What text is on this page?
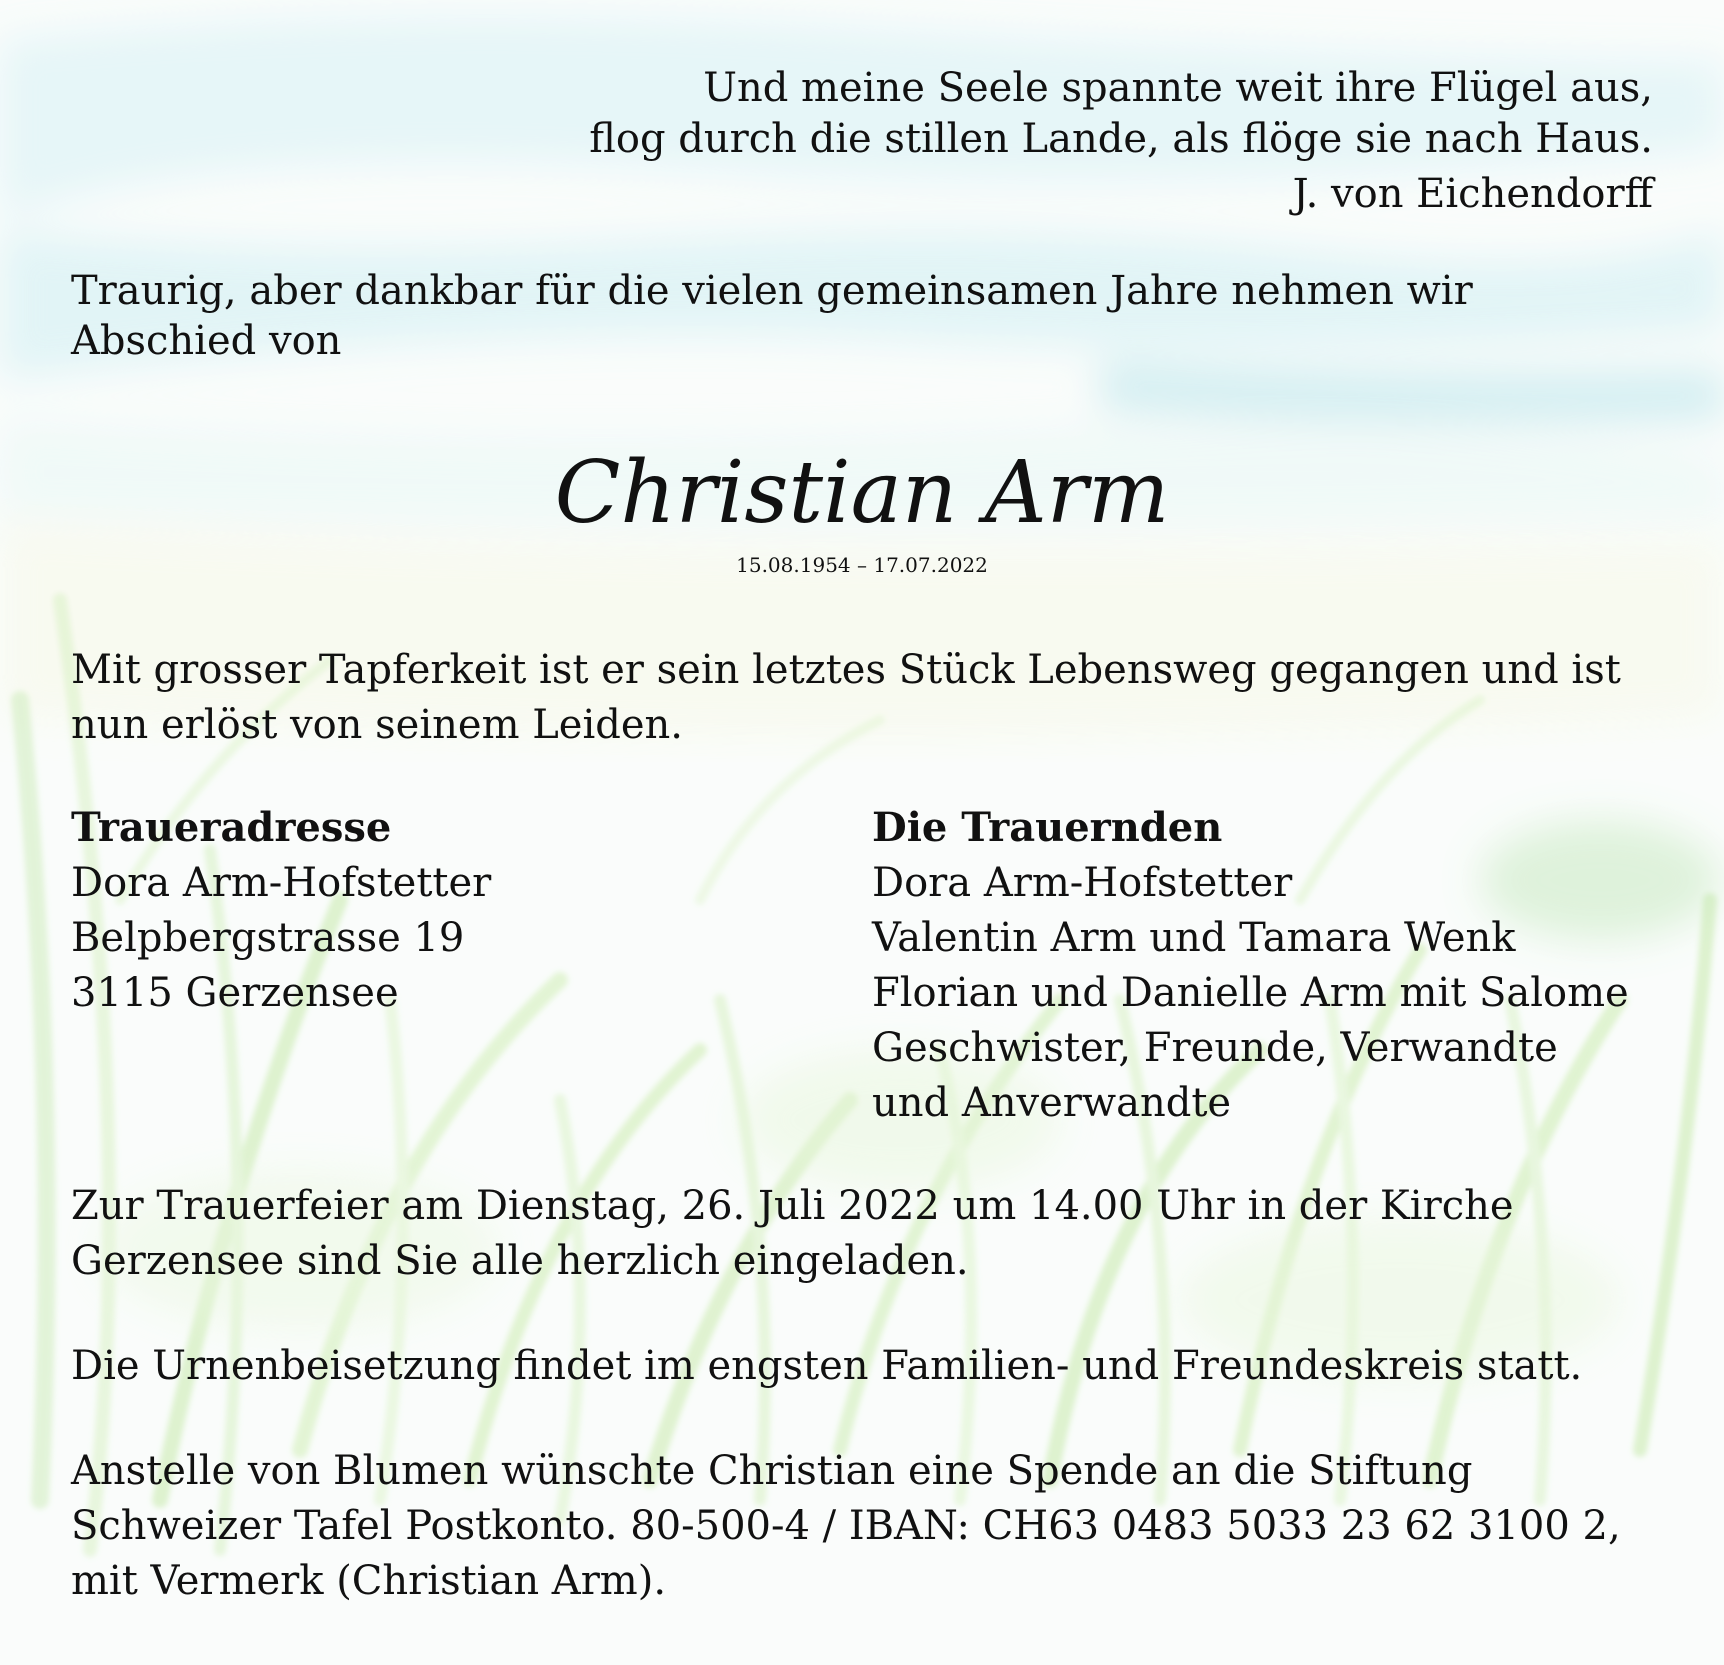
Und meine Seele spannte weit ihre Flügel aus,
flog durch die stillen Lande, als flöge sie nach Haus.
J. von Eichendorff
Traurig, aber dankbar für die vielen gemeinsamen Jahre nehmen wir
Abschied von
Christian Arm
15.08.1954 – 17.07.2022
Mit grosser Tapferkeit ist er sein letztes Stück Lebensweg gegangen und ist
nun erlöst von seinem Leiden.
Traueradresse
Dora Arm-Hofstetter
Belpbergstrasse 19
3115 Gerzensee
Die Trauernden
Dora Arm-Hofstetter
Valentin Arm und Tamara Wenk
Florian und Danielle Arm mit Salome
Geschwister, Freunde, Verwandte
und Anverwandte
Zur Trauerfeier am Dienstag, 26. Juli 2022 um 14.00 Uhr in der Kirche
Gerzensee sind Sie alle herzlich eingeladen.
Die Urnenbeisetzung findet im engsten Familien- und Freundeskreis statt.
Anstelle von Blumen wünschte Christian eine Spende an die Stiftung
Schweizer Tafel Postkonto. 80-500-4 / IBAN: CH63 0483 5033 23 62 3100 2,
mit Vermerk (Christian Arm).
